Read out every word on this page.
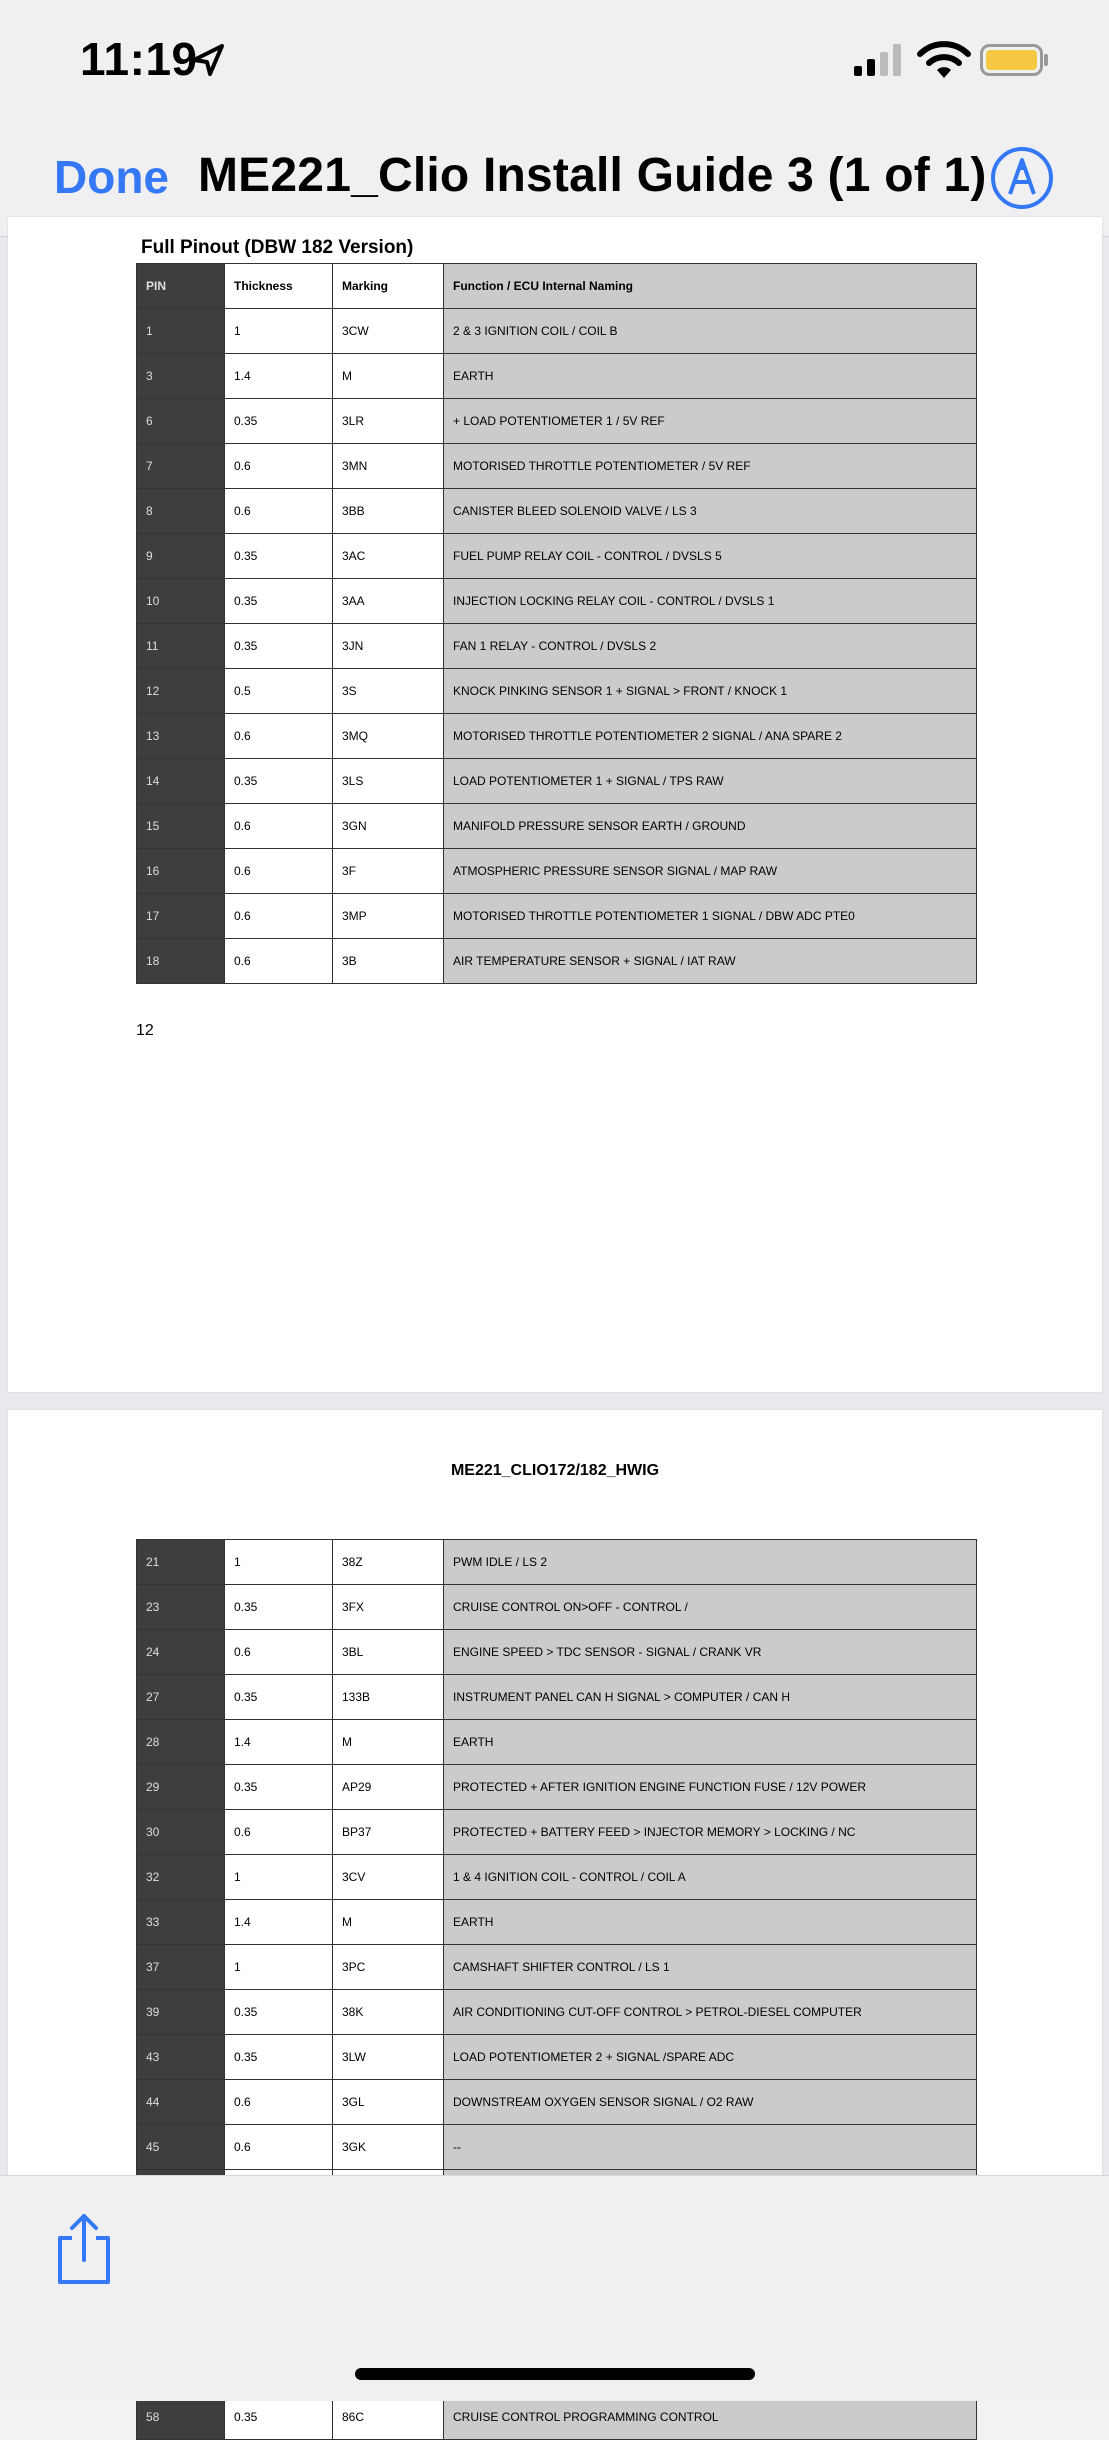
11:19
Done ME221_Clio Install Guide 3 (1 of 1)
Full Pinout (DBW 182 Version)
PIN	Thickness	Marking	Function / ECU Internal Naming
1	1	3CW	2 & 3 IGNITION COIL / COIL B
3	1.4	M	EARTH
6	0.35	3LR	+ LOAD POTENTIOMETER 1 / 5V REF
7	0.6	3MN	MOTORISED THROTTLE POTENTIOMETER / 5V REF
8	0.6	3BB	CANISTER BLEED SOLENOID VALVE / LS 3
9	0.35	3AC	FUEL PUMP RELAY COIL - CONTROL / DVSLS 5
10	0.35	3AA	INJECTION LOCKING RELAY COIL - CONTROL / DVSLS 1
11	0.35	3JN	FAN 1 RELAY - CONTROL / DVSLS 2
12	0.5	3S	KNOCK PINKING SENSOR 1 + SIGNAL > FRONT / KNOCK 1
13	0.6	3MQ	MOTORISED THROTTLE POTENTIOMETER 2 SIGNAL / ANA SPARE 2
14	0.35	3LS	LOAD POTENTIOMETER 1 + SIGNAL / TPS RAW
15	0.6	3GN	MANIFOLD PRESSURE SENSOR EARTH / GROUND
16	0.6	3F	ATMOSPHERIC PRESSURE SENSOR SIGNAL / MAP RAW
17	0.6	3MP	MOTORISED THROTTLE POTENTIOMETER 1 SIGNAL / DBW ADC PTE0
18	0.6	3B	AIR TEMPERATURE SENSOR + SIGNAL / IAT RAW
12
ME221_CLIO172/182_HWIG
21	1	38Z	PWM IDLE / LS 2
23	0.35	3FX	CRUISE CONTROL ON>OFF - CONTROL /
24	0.6	3BL	ENGINE SPEED > TDC SENSOR - SIGNAL / CRANK VR
27	0.35	133B	INSTRUMENT PANEL CAN H SIGNAL > COMPUTER / CAN H
28	1.4	M	EARTH
29	0.35	AP29	PROTECTED + AFTER IGNITION ENGINE FUNCTION FUSE / 12V POWER
30	0.6	BP37	PROTECTED + BATTERY FEED > INJECTOR MEMORY > LOCKING / NC
32	1	3CV	1 & 4 IGNITION COIL - CONTROL / COIL A
33	1.4	M	EARTH
37	1	3PC	CAMSHAFT SHIFTER CONTROL / LS 1
39	0.35	38K	AIR CONDITIONING CUT-OFF CONTROL > PETROL-DIESEL COMPUTER
43	0.35	3LW	LOAD POTENTIOMETER 2 + SIGNAL /SPARE ADC
44	0.6	3GL	DOWNSTREAM OXYGEN SENSOR SIGNAL / O2 RAW
45	0.6	3GK	--

58	0.35	86C	CRUISE CONTROL PROGRAMMING CONTROL
